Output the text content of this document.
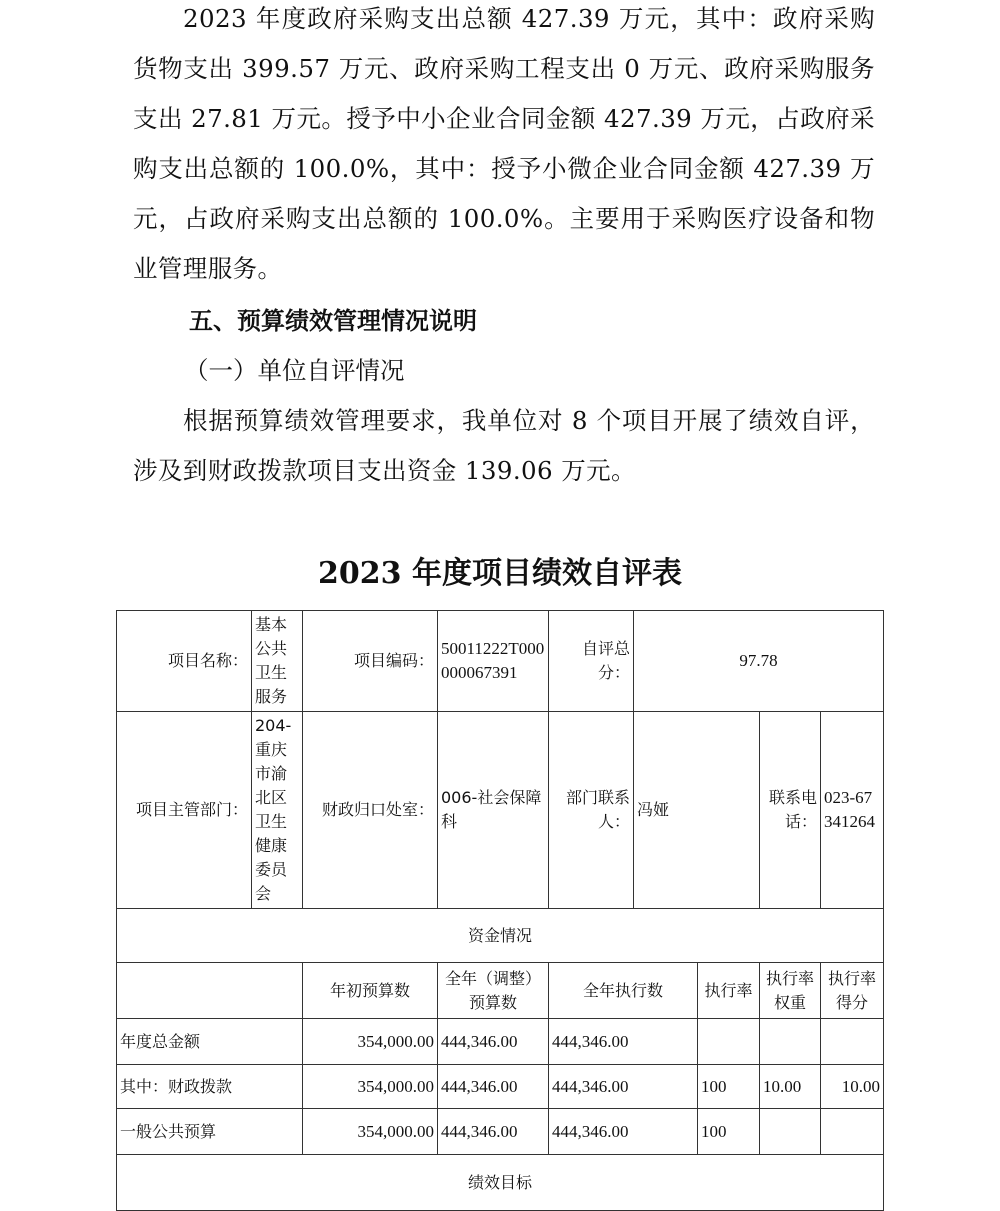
2023 年度政府采购支出总额 427.39 万元，其中：政府采购货物支出 399.57 万元、政府采购工程支出 0 万元、政府采购服务支出 27.81 万元。授予中小企业合同金额 427.39 万元，占政府采购支出总额的 100.0%，其中：授予小微企业合同金额 427.39 万元，占政府采购支出总额的 100.0%。主要用于采购医疗设备和物业管理服务。

五、预算绩效管理情况说明

（一）单位自评情况

根据预算绩效管理要求，我单位对 8 个项目开展了绩效自评，涉及到财政拨款项目支出资金 139.06 万元。

2023 年度项目绩效自评表

项目名称：	基本公共卫生服务	项目编码：	50011222T000000067391	自评总分：	97.78			
项目主管部门：	204-重庆市渝北区卫生健康委员会	财政归口处室：	006-社会保障科	部门联系人：	冯娅		联系电话：	023-67341264
资金情况								
		年初预算数	全年（调整）预算数	全年执行数		执行率	执行率权重	执行率得分
年度总金额		354,000.00	444,346.00	444,346.00				
其中：财政拨款		354,000.00	444,346.00	444,346.00		100	10.00	10.00
一般公共预算		354,000.00	444,346.00	444,346.00		100		
绩效目标								
